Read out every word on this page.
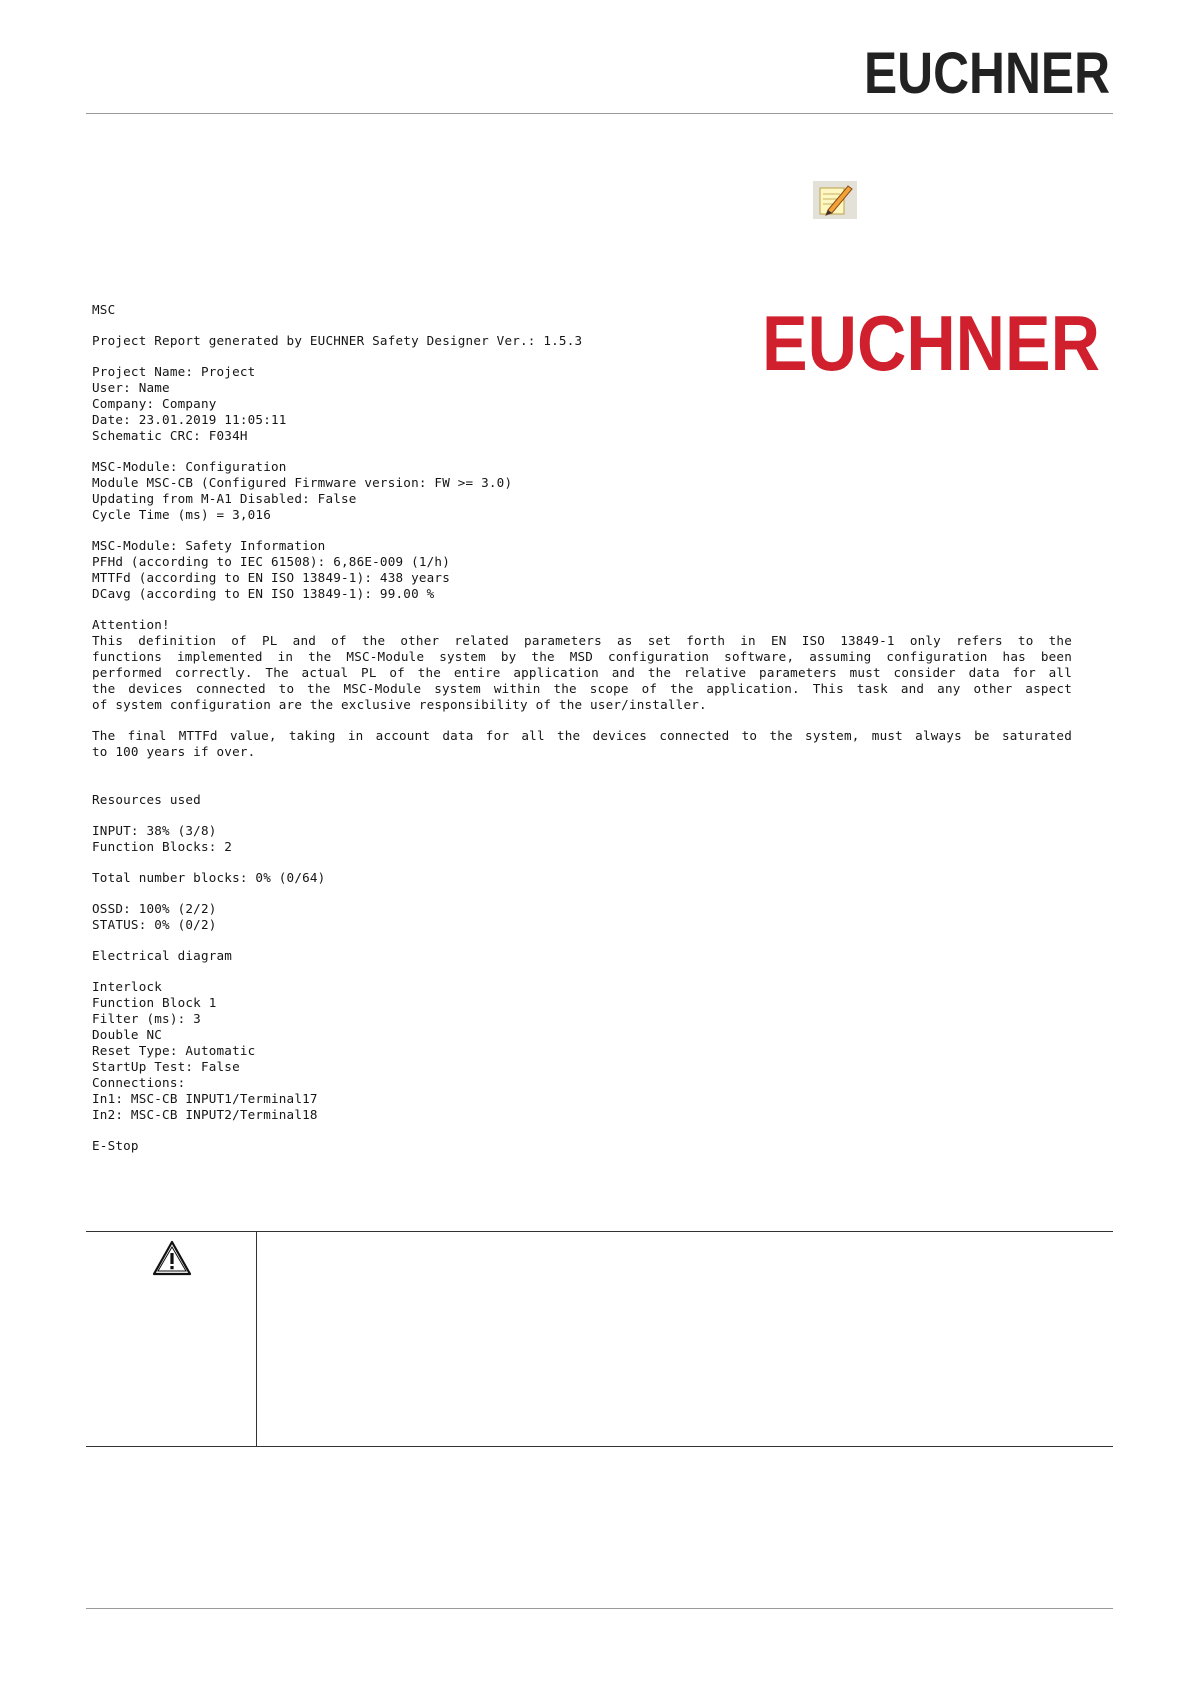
EUCHNER
MSC
Project Report generated by EUCHNER Safety Designer Ver.: 1.5.3
Project Name: Project
User: Name
Company: Company
Date: 23.01.2019 11:05:11
Schematic CRC: F034H
MSC-Module: Configuration
Module MSC-CB (Configured Firmware version: FW >= 3.0)
Updating from M-A1 Disabled: False
Cycle Time (ms) = 3,016
MSC-Module: Safety Information
PFHd (according to IEC 61508): 6,86E-009 (1/h)
MTTFd (according to EN ISO 13849-1): 438 years
DCavg (according to EN ISO 13849-1): 99.00 %
Attention!
This definition of PL and of the other related parameters as set forth in EN ISO 13849-1 only refers to the
functions implemented in the MSC-Module system by the MSD configuration software, assuming configuration has been
performed correctly. The actual PL of the entire application and the relative parameters must consider data for all
the devices connected to the MSC-Module system within the scope of the application. This task and any other aspect
of system configuration are the exclusive responsibility of the user/installer.
The final MTTFd value, taking in account data for all the devices connected to the system, must always be saturated
to 100 years if over.
Resources used
INPUT: 38% (3/8)
Function Blocks: 2
Total number blocks: 0% (0/64)
OSSD: 100% (2/2)
STATUS: 0% (0/2)
Electrical diagram
Interlock
Function Block 1
Filter (ms): 3
Double NC
Reset Type: Automatic
StartUp Test: False
Connections:
In1: MSC-CB INPUT1/Terminal17
In2: MSC-CB INPUT2/Terminal18
E-Stop
EUCHNER
